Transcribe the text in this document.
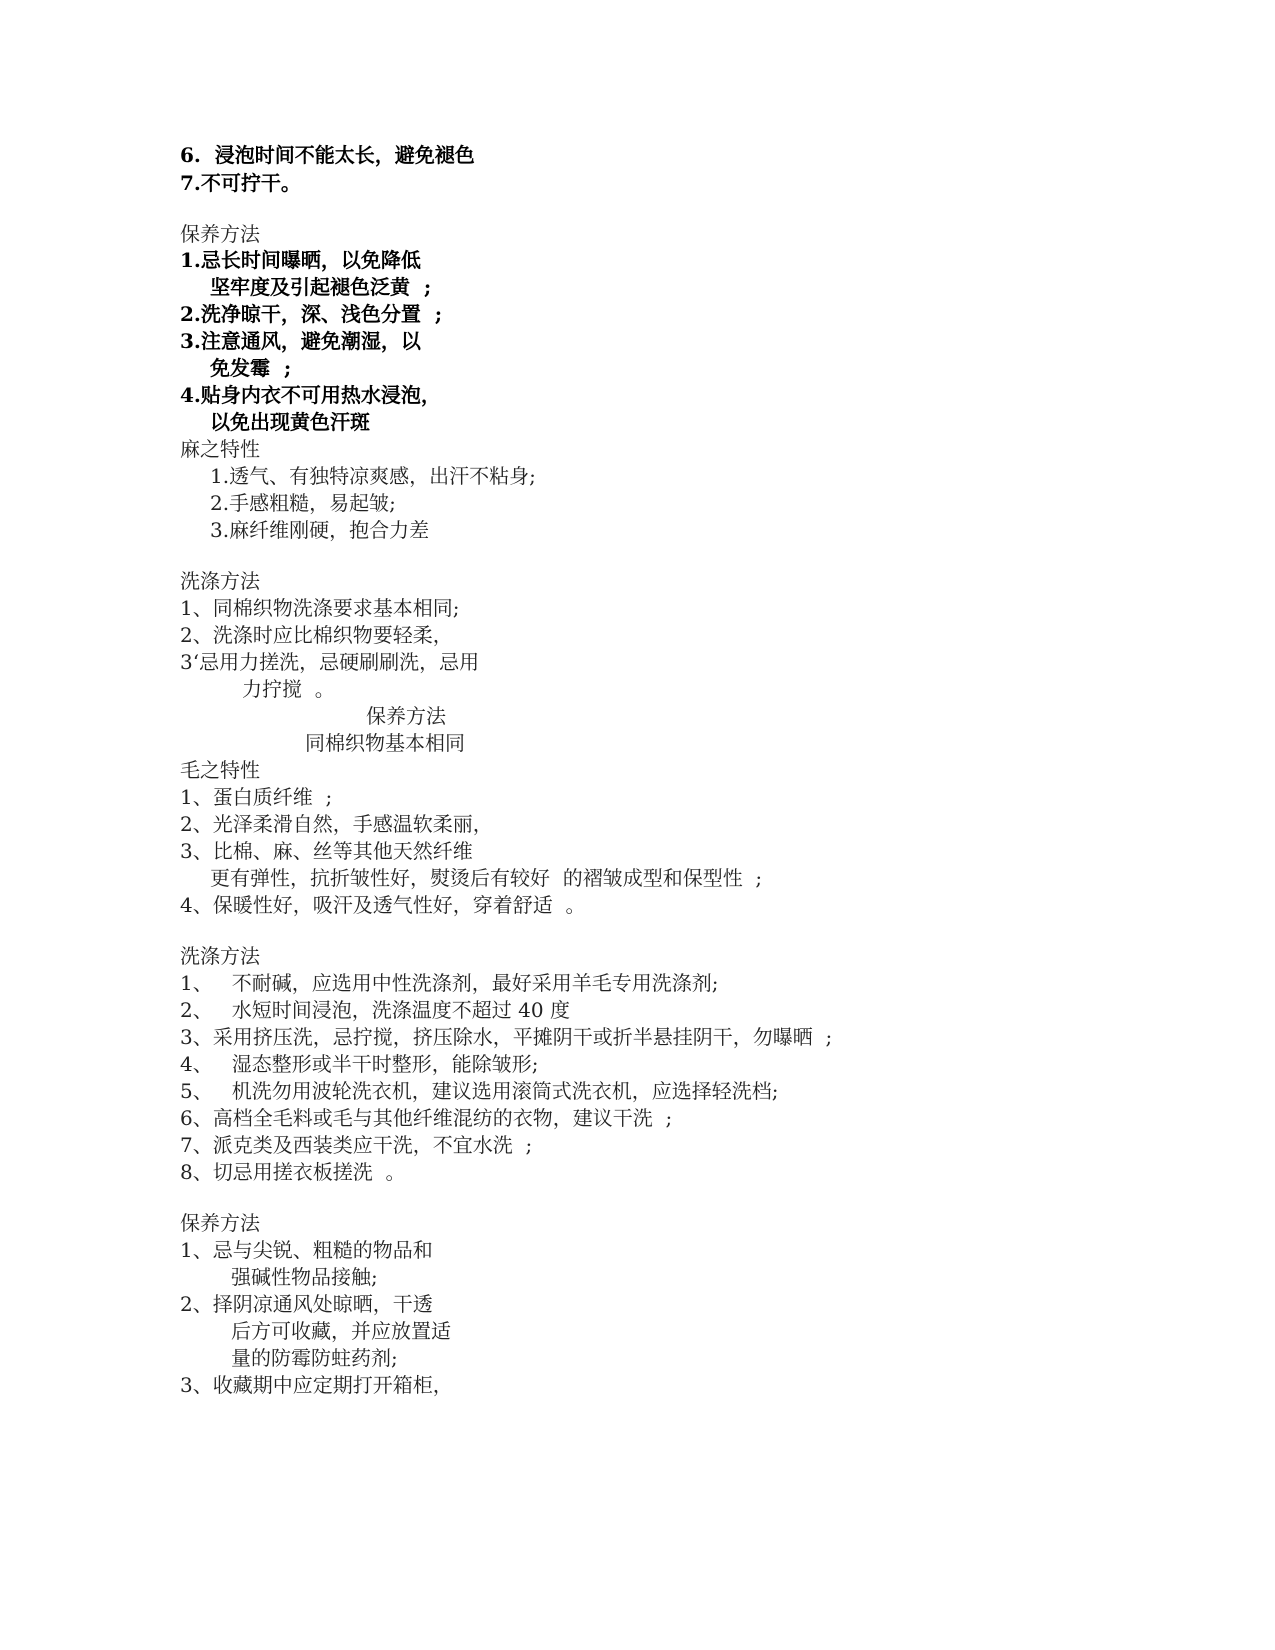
6.  浸泡时间不能太长，避免褪色
7.不可拧干。
保养方法
1.忌长时间曝晒，以免降低
坚牢度及引起褪色泛黄  ;
2.洗净晾干，深、浅色分置  ;
3.注意通风，避免潮湿，以
免发霉  ;
4.贴身内衣不可用热水浸泡，
以免出现黄色汗斑
麻之特性
1.透气、有独特凉爽感，出汗不粘身;
2.手感粗糙，易起皱;
3.麻纤维刚硬，抱合力差
洗涤方法
1、同棉织物洗涤要求基本相同;
2、洗涤时应比棉织物要轻柔，
3‘忌用力搓洗，忌硬刷刷洗，忌用
力拧搅  。
保养方法
同棉织物基本相同
毛之特性
1、蛋白质纤维  ;
2、光泽柔滑自然，手感温软柔丽，
3、比棉、麻、丝等其他天然纤维
更有弹性，抗折皱性好，熨烫后有较好  的褶皱成型和保型性  ;
4、保暖性好，吸汗及透气性好，穿着舒适  。
洗涤方法
1、   不耐碱，应选用中性洗涤剂，最好采用羊毛专用洗涤剂;
2、   水短时间浸泡，洗涤温度不超过 40 度
3、采用挤压洗，忌拧搅，挤压除水，平摊阴干或折半悬挂阴干，勿曝晒  ;
4、   湿态整形或半干时整形，能除皱形;
5、   机洗勿用波轮洗衣机，建议选用滚筒式洗衣机，应选择轻洗档;
6、高档全毛料或毛与其他纤维混纺的衣物，建议干洗  ;
7、派克类及西装类应干洗，不宜水洗  ;
8、切忌用搓衣板搓洗  。
保养方法
1、忌与尖锐、粗糙的物品和
强碱性物品接触;
2、择阴凉通风处晾晒，干透
后方可收藏，并应放置适
量的防霉防蛀药剂;
3、收藏期中应定期打开箱柜，
